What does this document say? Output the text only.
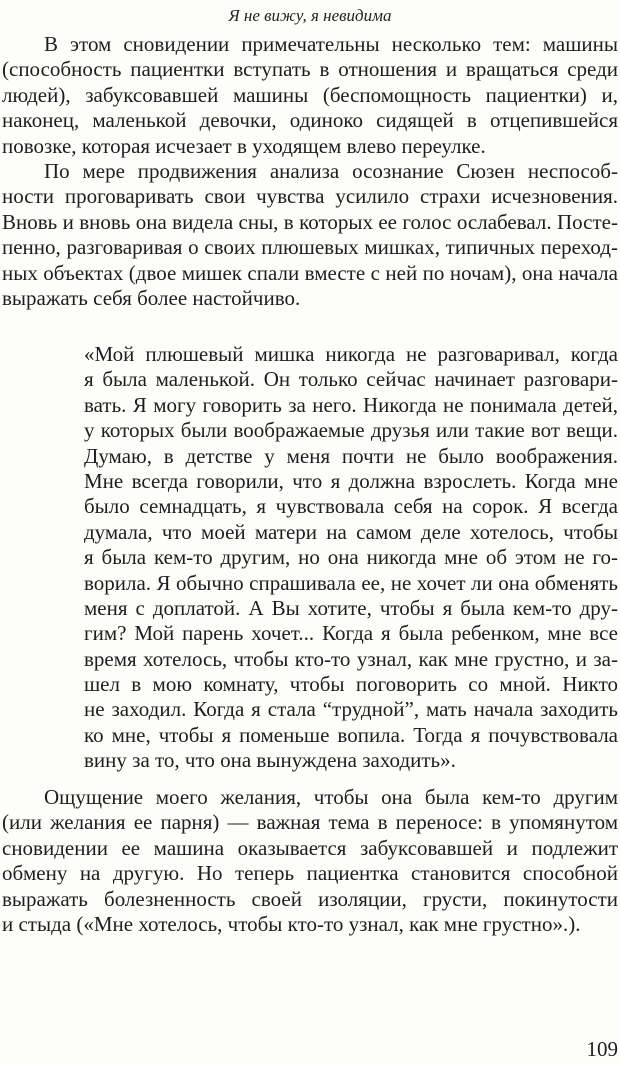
Я не вижу, я невидима
В этом сновидении примечательны несколько тем: машины
(способность пациентки вступать в отношения и вращаться среди
людей), забуксовавшей машины (беспомощность пациентки) и,
наконец, маленькой девочки, одиноко сидящей в отцепившейся
повозке, которая исчезает в уходящем влево переулке.
По мере продвижения анализа осознание Сюзен неспособ-
ности проговаривать свои чувства усилило страхи исчезновения.
Вновь и вновь она видела сны, в которых ее голос ослабевал. Посте-
пенно, разговаривая о своих плюшевых мишках, типичных переход-
ных объектах (двое мишек спали вместе с ней по ночам), она начала
выражать себя более настойчиво.
«Мой плюшевый мишка никогда не разговаривал, когда
я была маленькой. Он только сейчас начинает разговари-
вать. Я могу говорить за него. Никогда не понимала детей,
у которых были воображаемые друзья или такие вот вещи.
Думаю, в детстве у меня почти не было воображения.
Мне всегда говорили, что я должна взрослеть. Когда мне
было семнадцать, я чувствовала себя на сорок. Я всегда
думала, что моей матери на самом деле хотелось, чтобы
я была кем-то другим, но она никогда мне об этом не го-
ворила. Я обычно спрашивала ее, не хочет ли она обменять
меня с доплатой. А Вы хотите, чтобы я была кем-то дру-
гим? Мой парень хочет... Когда я была ребенком, мне все
время хотелось, чтобы кто-то узнал, как мне грустно, и за-
шел в мою комнату, чтобы поговорить со мной. Никто
не заходил. Когда я стала “трудной”, мать начала заходить
ко мне, чтобы я поменьше вопила. Тогда я почувствовала
вину за то, что она вынуждена заходить».
Ощущение моего желания, чтобы она была кем-то другим
(или желания ее парня) — важная тема в переносе: в упомянутом
сновидении ее машина оказывается забуксовавшей и подлежит
обмену на другую. Но теперь пациентка становится способной
выражать болезненность своей изоляции, грусти, покинутости
и стыда («Мне хотелось, чтобы кто-то узнал, как мне грустно».).
109
